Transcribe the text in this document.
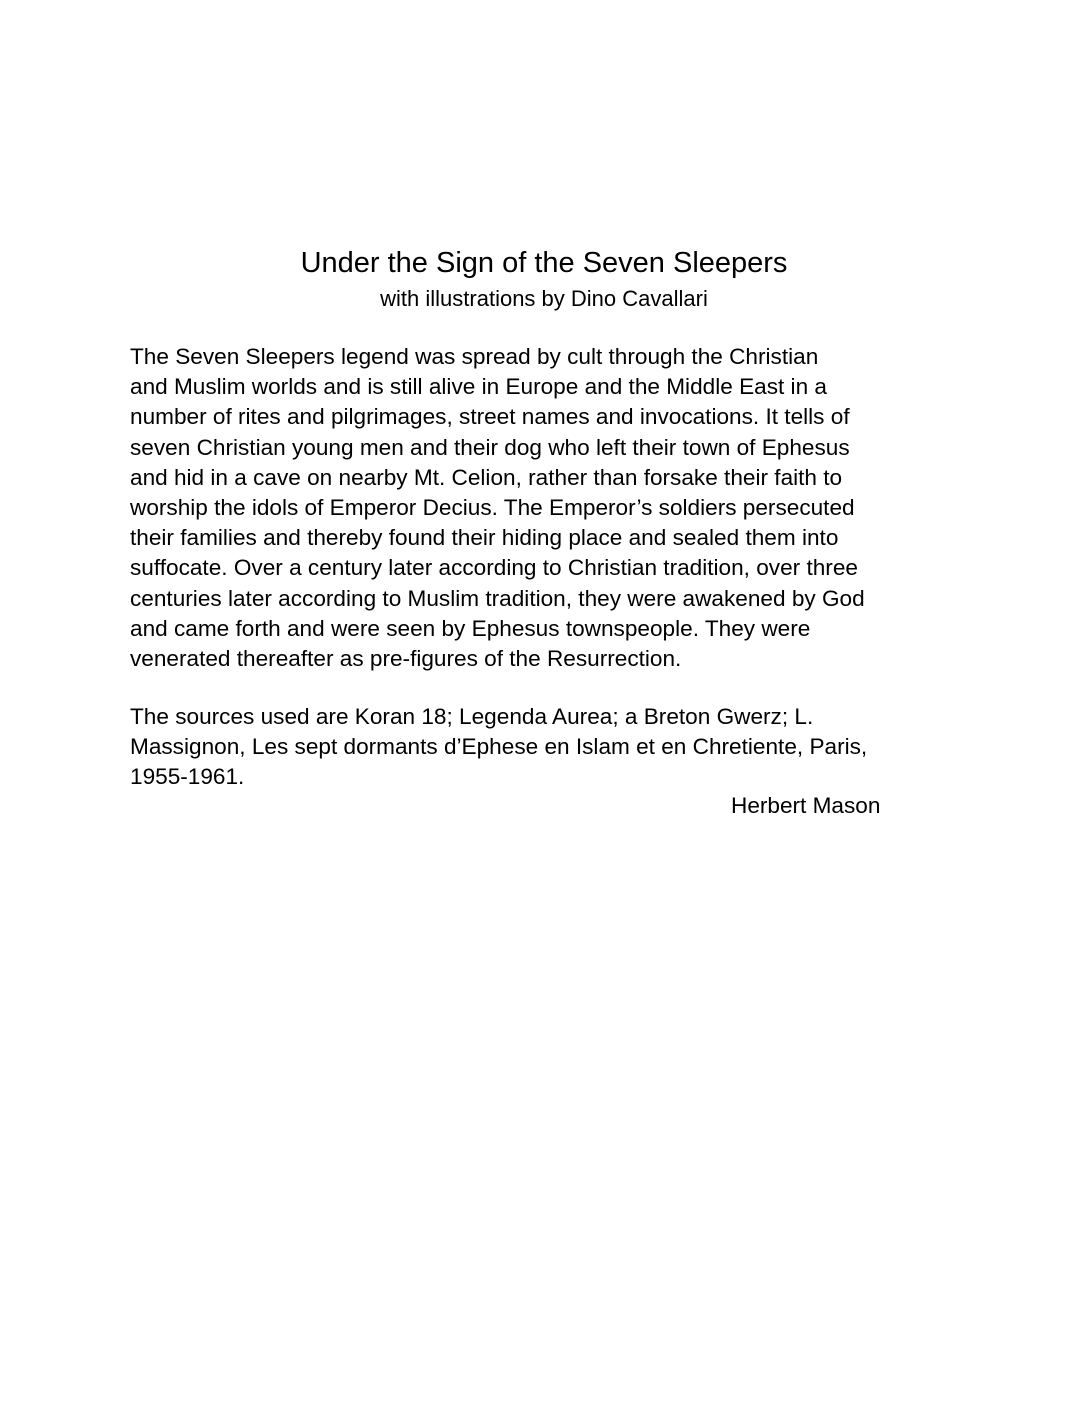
Under the Sign of the Seven Sleepers

with illustrations by Dino Cavallari

The Seven Sleepers legend was spread by cult through the Christian
and Muslim worlds and is still alive in Europe and the Middle East in a
number of rites and pilgrimages, street names and invocations. It tells of
seven Christian young men and their dog who left their town of Ephesus
and hid in a cave on nearby Mt. Celion, rather than forsake their faith to
worship the idols of Emperor Decius. The Emperor’s soldiers persecuted
their families and thereby found their hiding place and sealed them into
suffocate. Over a century later according to Christian tradition, over three
centuries later according to Muslim tradition, they were awakened by God
and came forth and were seen by Ephesus townspeople. They were
venerated thereafter as pre-figures of the Resurrection.

The sources used are Koran 18; Legenda Aurea; a Breton Gwerz; L.
Massignon, Les sept dormants d’Ephese en Islam et en Chretiente, Paris,
1955-1961.

Herbert Mason
